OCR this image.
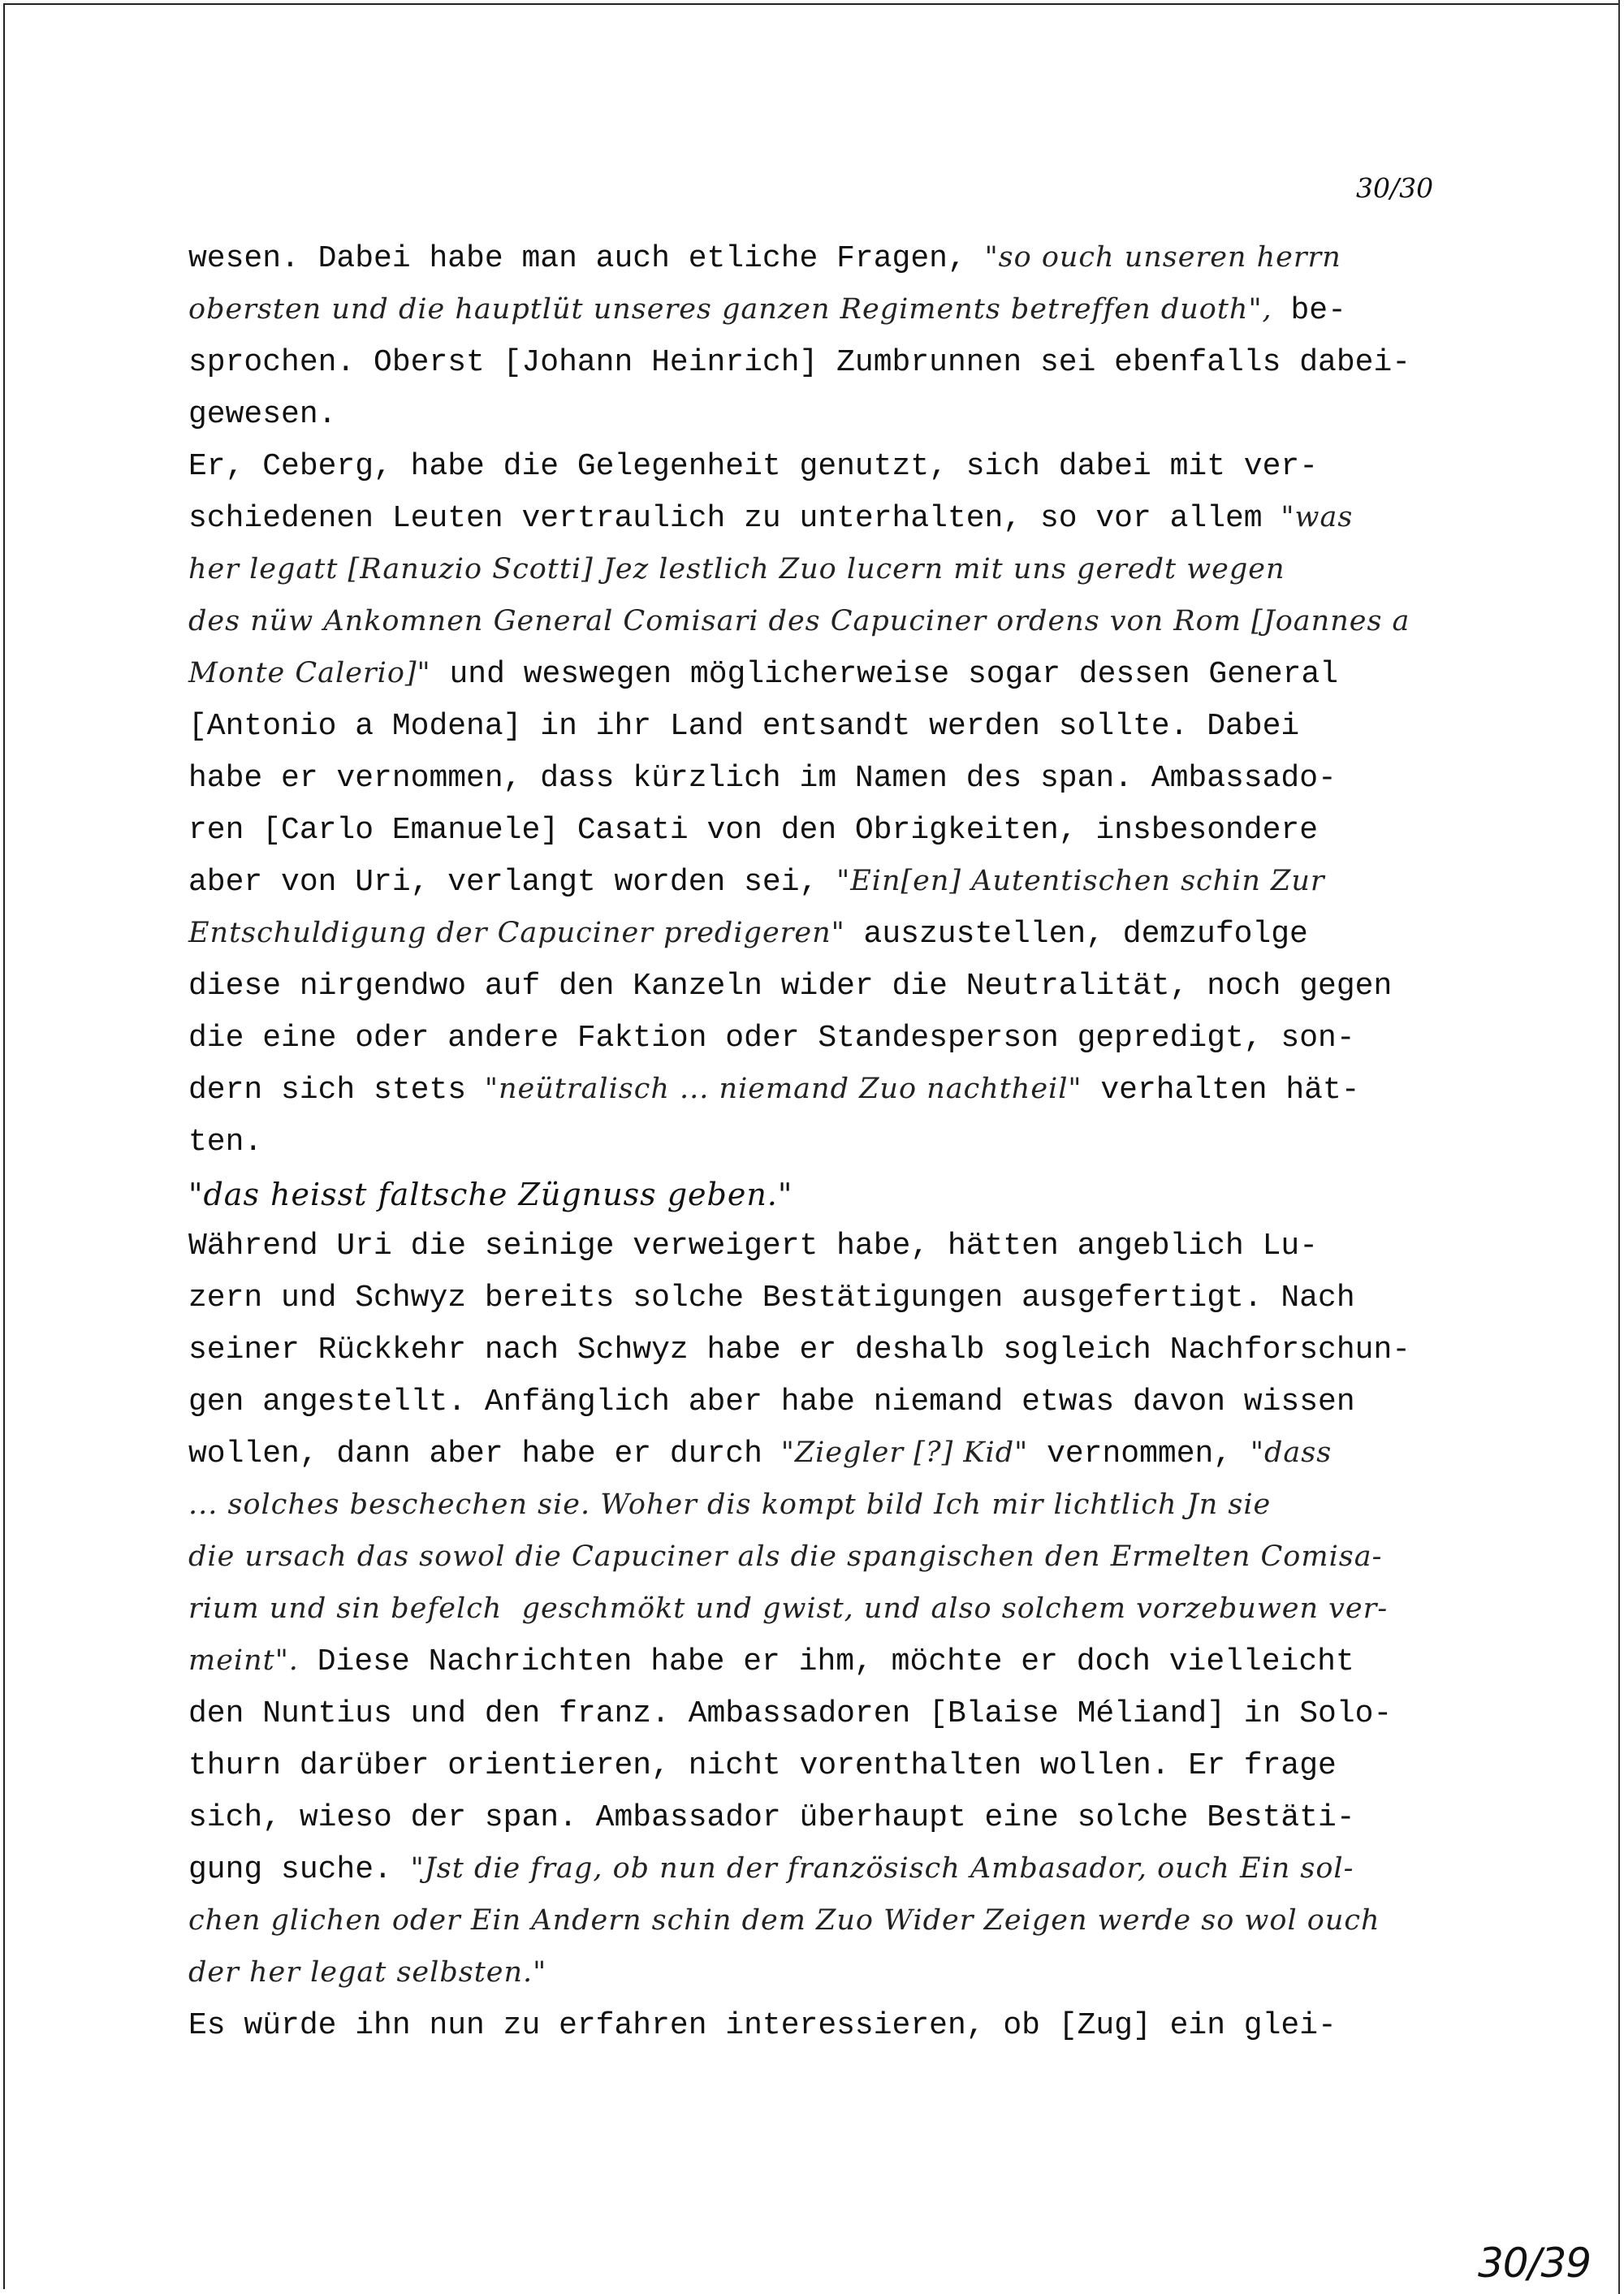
30/30
wesen. Dabei habe man auch etliche Fragen, "so ouch unseren herrn
obersten und die hauptlüt unseres ganzen Regiments betreffen duoth", be-
sprochen. Oberst [Johann Heinrich] Zumbrunnen sei ebenfalls dabei-
gewesen.
Er, Ceberg, habe die Gelegenheit genutzt, sich dabei mit ver-
schiedenen Leuten vertraulich zu unterhalten, so vor allem "was
her legatt [Ranuzio Scotti] Jez lestlich Zuo lucern mit uns geredt wegen
des nüw Ankomnen General Comisari des Capuciner ordens von Rom [Joannes a
Monte Calerio]" und weswegen möglicherweise sogar dessen General
[Antonio a Modena] in ihr Land entsandt werden sollte. Dabei
habe er vernommen, dass kürzlich im Namen des span. Ambassado-
ren [Carlo Emanuele] Casati von den Obrigkeiten, insbesondere
aber von Uri, verlangt worden sei, "Ein[en] Autentischen schin Zur
Entschuldigung der Capuciner predigeren" auszustellen, demzufolge
diese nirgendwo auf den Kanzeln wider die Neutralität, noch gegen
die eine oder andere Faktion oder Standesperson gepredigt, son-
dern sich stets "neütralisch ... niemand Zuo nachtheil" verhalten hät-
ten.
"das heisst faltsche Zügnuss geben."
Während Uri die seinige verweigert habe, hätten angeblich Lu-
zern und Schwyz bereits solche Bestätigungen ausgefertigt. Nach
seiner Rückkehr nach Schwyz habe er deshalb sogleich Nachforschun-
gen angestellt. Anfänglich aber habe niemand etwas davon wissen
wollen, dann aber habe er durch "Ziegler [?] Kid" vernommen, "dass
... solches beschechen sie. Woher dis kompt bild Ich mir lichtlich Jn sie
die ursach das sowol die Capuciner als die spangischen den Ermelten Comisa-
rium und sin befelch  geschmökt und gwist, und also solchem vorzebuwen ver-
meint". Diese Nachrichten habe er ihm, möchte er doch vielleicht
den Nuntius und den franz. Ambassadoren [Blaise Méliand] in Solo-
thurn darüber orientieren, nicht vorenthalten wollen. Er frage
sich, wieso der span. Ambassador überhaupt eine solche Bestäti-
gung suche. "Jst die frag, ob nun der französisch Ambasador, ouch Ein sol-
chen glichen oder Ein Andern schin dem Zuo Wider Zeigen werde so wol ouch
der her legat selbsten."
Es würde ihn nun zu erfahren interessieren, ob [Zug] ein glei-
30/39
